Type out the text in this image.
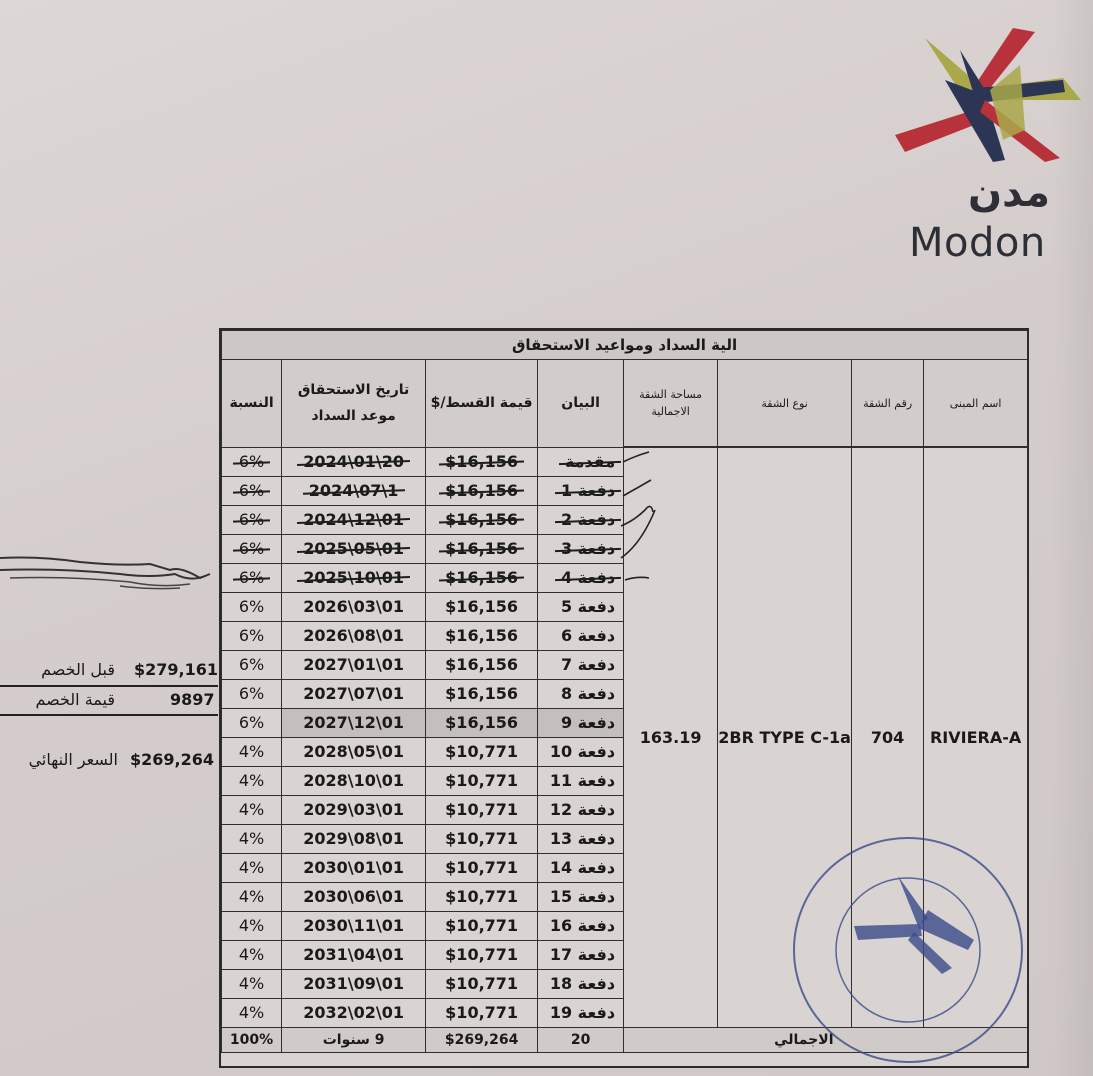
مدن
Modon
الية السداد ومواعيد الاستحقاق							
اسم المبنى	رقم الشقة	نوع الشقة	مساحة الشقة الاجمالية	البيان	قيمة القسط/$	تاريخ الاستحقاق موعد السداد	النسبة
RIVIERA-A	704	2BR TYPE C-1a	163.19	مقدمة	$16,156	2024\01\20	6%
				دفعة 1	$16,156	2024\07\1	6%
				دفعة 2	$16,156	2024\12\01	6%
				دفعة 3	$16,156	2025\05\01	6%
				دفعة 4	$16,156	2025\10\01	6%
				دفعة 5	$16,156	2026\03\01	6%
				دفعة 6	$16,156	2026\08\01	6%
				دفعة 7	$16,156	2027\01\01	6%
				دفعة 8	$16,156	2027\07\01	6%
				دفعة 9	$16,156	2027\12\01	6%
				دفعة 10	$10,771	2028\05\01	4%
				دفعة 11	$10,771	2028\10\01	4%
				دفعة 12	$10,771	2029\03\01	4%
				دفعة 13	$10,771	2029\08\01	4%
				دفعة 14	$10,771	2030\01\01	4%
				دفعة 15	$10,771	2030\06\01	4%
				دفعة 16	$10,771	2030\11\01	4%
				دفعة 17	$10,771	2031\04\01	4%
				دفعة 18	$10,771	2031\09\01	4%
				دفعة 19	$10,771	2032\02\01	4%
الاجمالي				20	$269,264	9 سنوات	100%
$279,161
قبل الخصم
9897
قيمة الخصم
$269,264
السعر النهائي
